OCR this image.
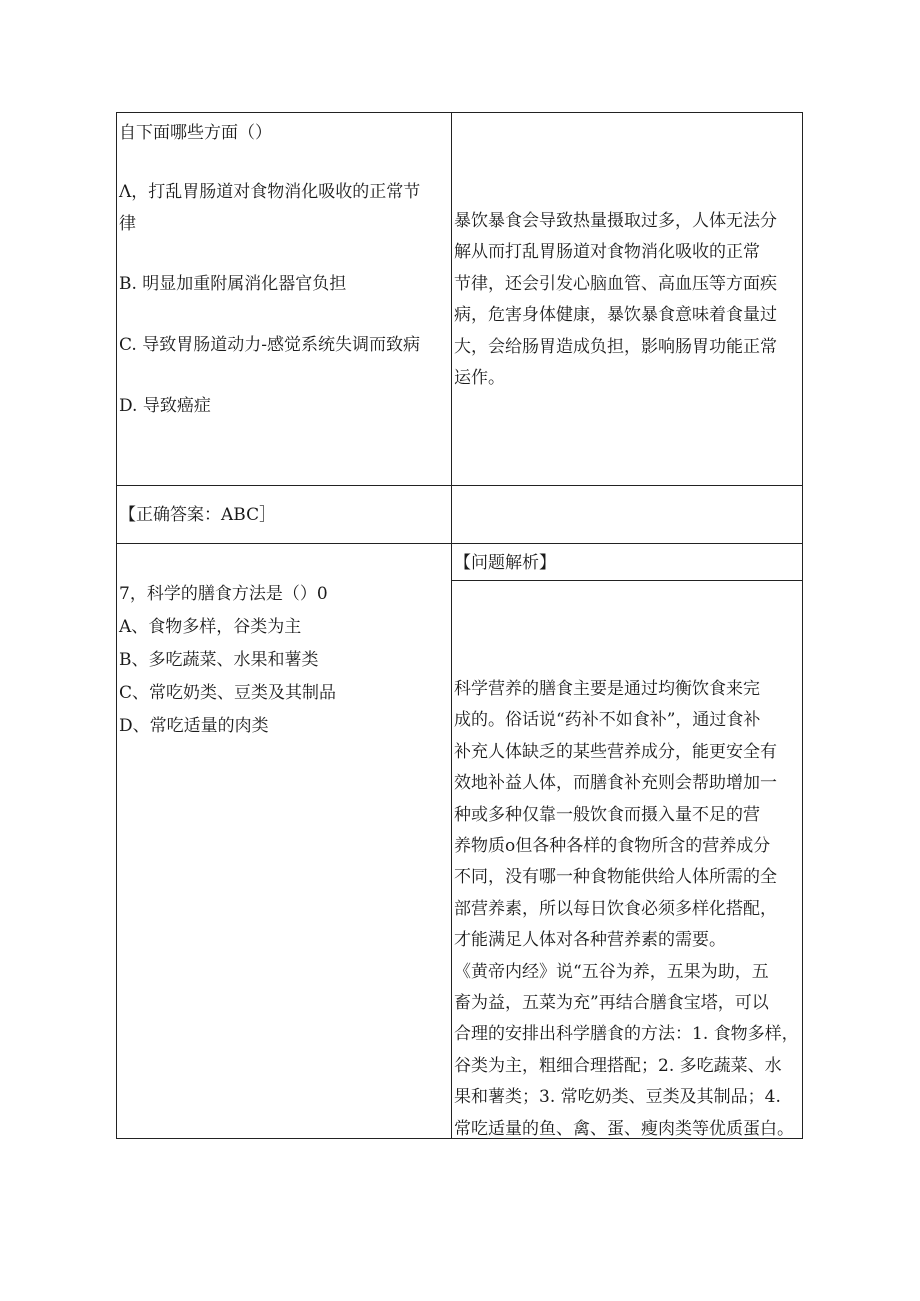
自下面哪些方面（）
Λ，打乱胃肠道对食物消化吸收的正常节
律
B. 明显加重附属消化器官负担
C. 导致胃肠道动力-感觉系统失调而致病
D. 导致癌症
暴饮暴食会导致热量摄取过多，人体无法分
解从而打乱胃肠道对食物消化吸收的正常
节律，还会引发心脑血管、高血压等方面疾
病，危害身体健康，暴饮暴食意味着食量过
大，会给肠胃造成负担，影响肠胃功能正常
运作。
【正确答案：ABC］
7，科学的膳食方法是（）0
A、食物多样，谷类为主
B、多吃蔬菜、水果和薯类
C、常吃奶类、豆类及其制品
D、常吃适量的肉类
【问题解析】
科学营养的膳食主要是通过均衡饮食来完
成的。俗话说“药补不如食补”，通过食补
补充人体缺乏的某些营养成分，能更安全有
效地补益人体，而膳食补充则会帮助增加一
种或多种仅靠一般饮食而摄入量不足的营
养物质o但各种各样的食物所含的营养成分
不同，没有哪一种食物能供给人体所需的全
部营养素，所以每日饮食必须多样化搭配，
才能满足人体对各种营养素的需要。
《黄帝内经》说“五谷为养，五果为助，五
畜为益，五菜为充”再结合膳食宝塔，可以
合理的安排出科学膳食的方法：1. 食物多样，
谷类为主，粗细合理搭配；2. 多吃蔬菜、水
果和薯类；3. 常吃奶类、豆类及其制品；4.
常吃适量的鱼、禽、蛋、瘦肉类等优质蛋白。
